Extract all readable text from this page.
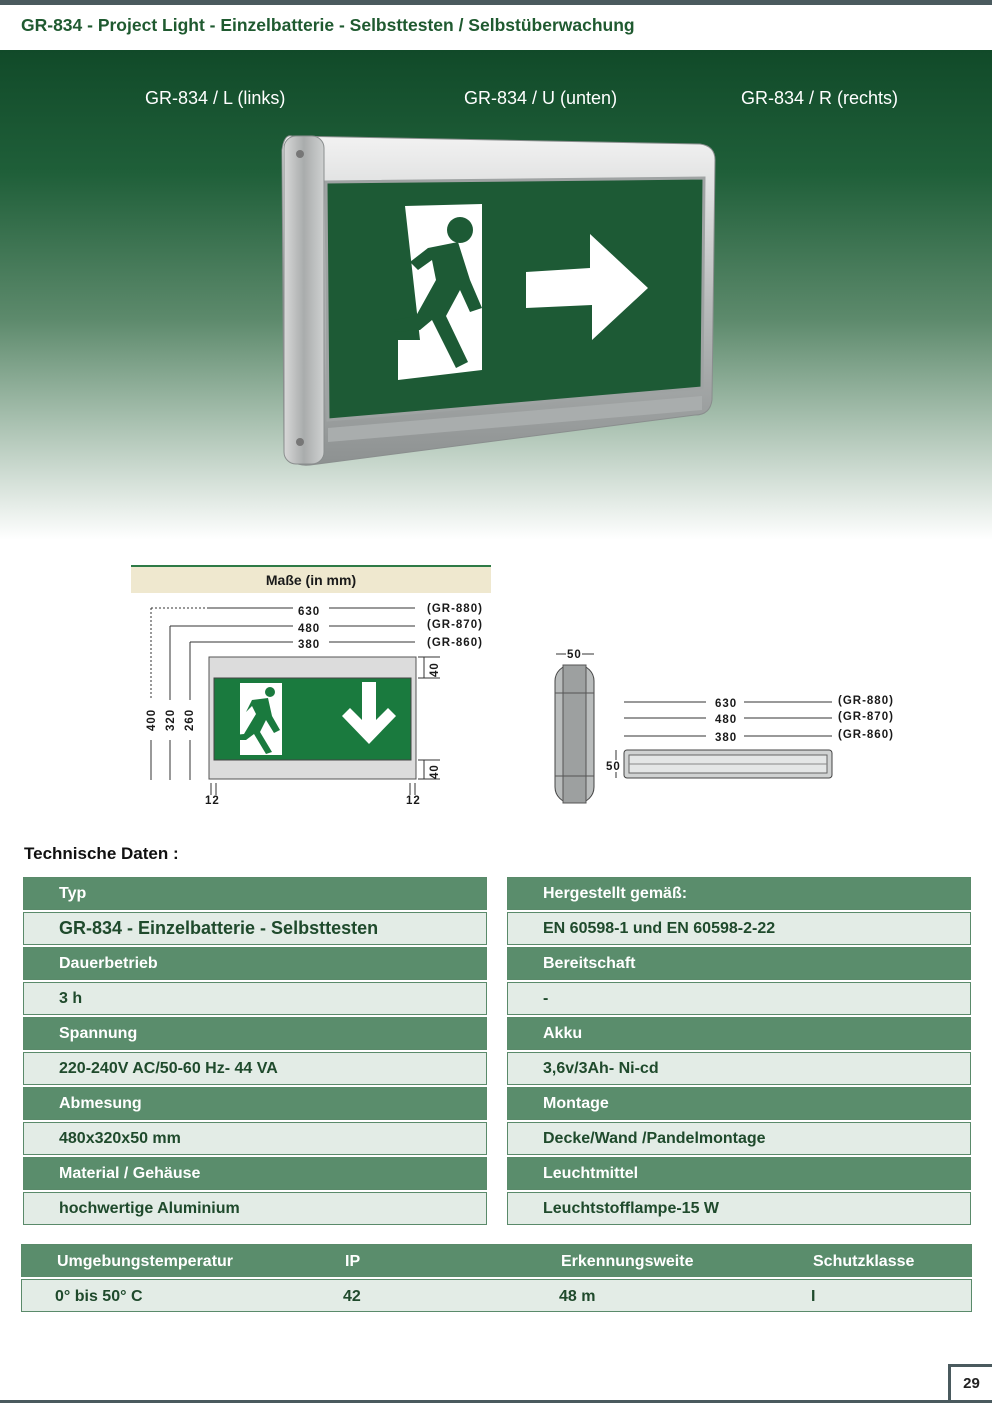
GR-834 - Project Light - Einzelbatterie - Selbsttesten / Selbstüberwachung
GR-834 / L (links)	GR-834 / U (unten)	GR-834 / R (rechts)
Maße (in mm)
630
480
380
(GR-880)
(GR-870)
(GR-860)
400 320 260
40
40
12	12
50
630
480
380
(GR-880)
(GR-870)
(GR-860)
50
Technische Daten :
Typ
GR-834 - Einzelbatterie - Selbsttesten
Dauerbetrieb
3 h
Spannung
220-240V AC/50-60 Hz- 44 VA
Abmesung
480x320x50 mm
Material / Gehäuse
hochwertige Aluminium
Hergestellt gemäß:
EN 60598-1 und EN 60598-2-22
Bereitschaft
-
Akku
3,6v/3Ah- Ni-cd
Montage
Decke/Wand /Pandelmontage
Leuchtmittel
Leuchtstofflampe-15 W
Umgebungstemperatur	IP	Erkennungsweite	Schutzklasse
0° bis 50° C	42	48 m	I
29
